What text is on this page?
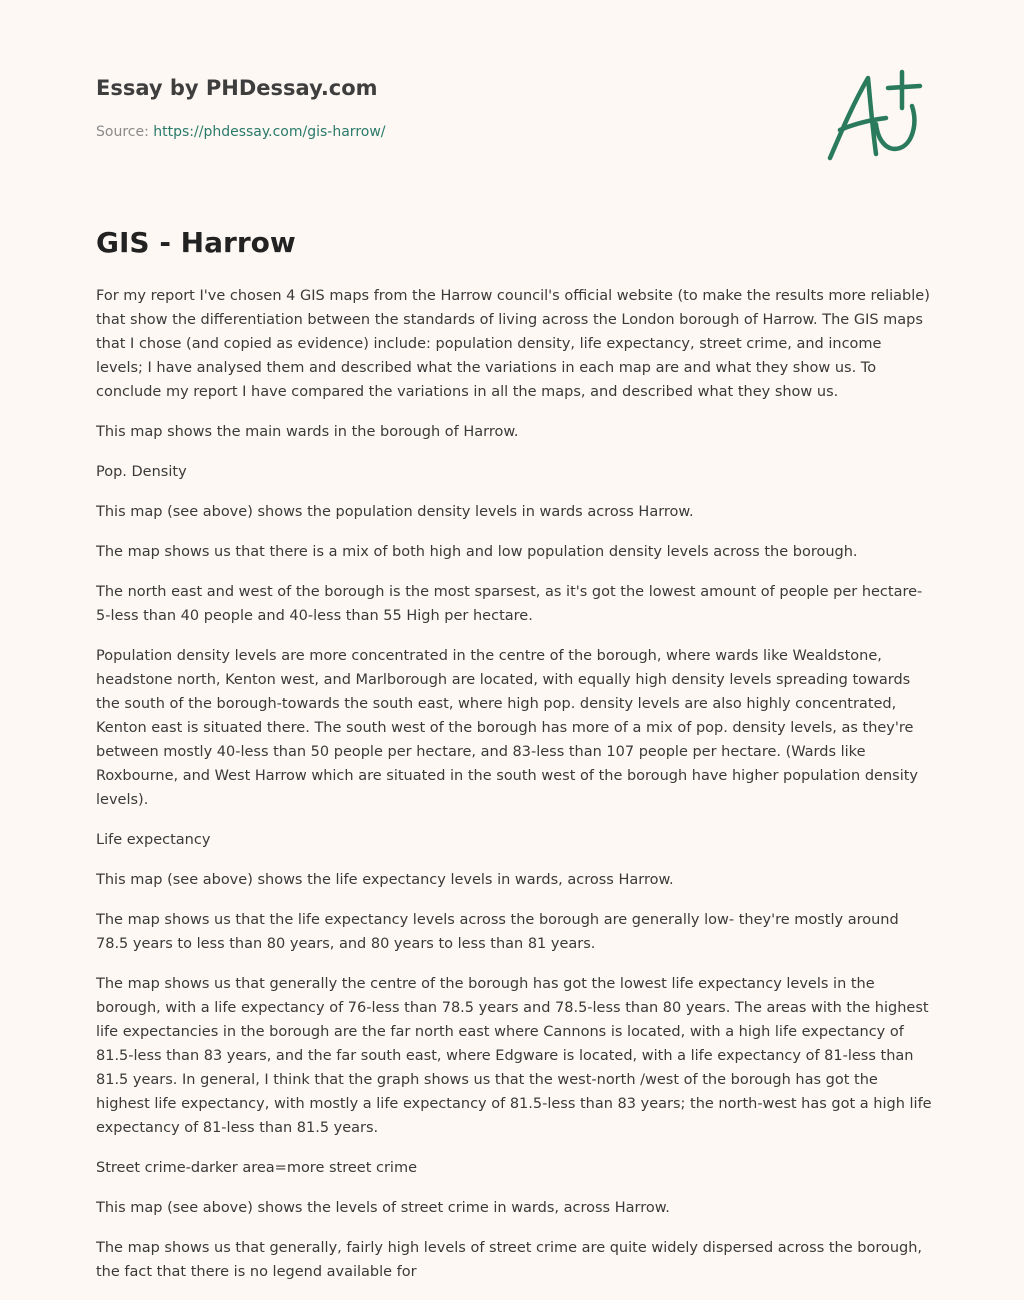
Essay by PHDessay.com
Source: https://phdessay.com/gis-harrow/
GIS - Harrow

For my report I've chosen 4 GIS maps from the Harrow council's official website (to make the results more reliable) that show the differentiation between the standards of living across the London borough of Harrow. The GIS maps that I chose (and copied as evidence) include: population density, life expectancy, street crime, and income levels; I have analysed them and described what the variations in each map are and what they show us. To conclude my report I have compared the variations in all the maps, and described what they show us.

This map shows the main wards in the borough of Harrow.

Pop. Density

This map (see above) shows the population density levels in wards across Harrow.

The map shows us that there is a mix of both high and low population density levels across the borough.

The north east and west of the borough is the most sparsest, as it's got the lowest amount of people per hectare- 5-less than 40 people and 40-less than 55 High per hectare.

Population density levels are more concentrated in the centre of the borough, where wards like Wealdstone, headstone north, Kenton west, and Marlborough are located, with equally high density levels spreading towards the south of the borough-towards the south east, where high pop. density levels are also highly concentrated, Kenton east is situated there. The south west of the borough has more of a mix of pop. density levels, as they're between mostly 40-less than 50 people per hectare, and 83-less than 107 people per hectare. (Wards like Roxbourne, and West Harrow which are situated in the south west of the borough have higher population density levels).

Life expectancy

This map (see above) shows the life expectancy levels in wards, across Harrow.

The map shows us that the life expectancy levels across the borough are generally low- they're mostly around 78.5 years to less than 80 years, and 80 years to less than 81 years.

The map shows us that generally the centre of the borough has got the lowest life expectancy levels in the borough, with a life expectancy of 76-less than 78.5 years and 78.5-less than 80 years. The areas with the highest life expectancies in the borough are the far north east where Cannons is located, with a high life expectancy of 81.5-less than 83 years, and the far south east, where Edgware is located, with a life expectancy of 81-less than 81.5 years. In general, I think that the graph shows us that the west-north /west of the borough has got the highest life expectancy, with mostly a life expectancy of 81.5-less than 83 years; the north-west has got a high life expectancy of 81-less than 81.5 years.

Street crime-darker area=more street crime

This map (see above) shows the levels of street crime in wards, across Harrow.

The map shows us that generally, fairly high levels of street crime are quite widely dispersed across the borough, the fact that there is no legend available for
